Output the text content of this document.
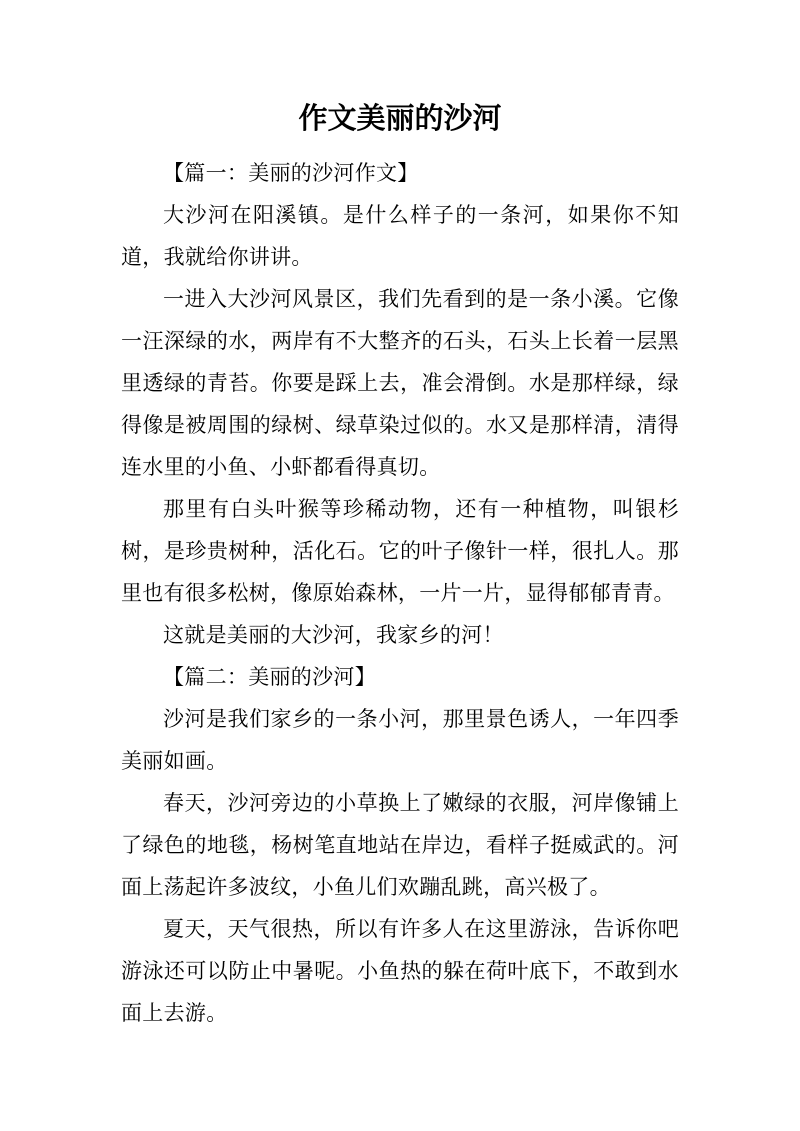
作文美丽的沙河

【篇一：美丽的沙河作文】

大沙河在阳溪镇。是什么样子的一条河，如果你不知道，我就给你讲讲。

一进入大沙河风景区，我们先看到的是一条小溪。它像一汪深绿的水，两岸有不大整齐的石头，石头上长着一层黑里透绿的青苔。你要是踩上去，准会滑倒。水是那样绿，绿得像是被周围的绿树、绿草染过似的。水又是那样清，清得连水里的小鱼、小虾都看得真切。

那里有白头叶猴等珍稀动物，还有一种植物，叫银杉树，是珍贵树种，活化石。它的叶子像针一样，很扎人。那里也有很多松树，像原始森林，一片一片，显得郁郁青青。

这就是美丽的大沙河，我家乡的河！

【篇二：美丽的沙河】

沙河是我们家乡的一条小河，那里景色诱人，一年四季美丽如画。

春天，沙河旁边的小草换上了嫩绿的衣服，河岸像铺上了绿色的地毯，杨树笔直地站在岸边，看样子挺威武的。河面上荡起许多波纹，小鱼儿们欢蹦乱跳，高兴极了。

夏天，天气很热，所以有许多人在这里游泳，告诉你吧游泳还可以防止中暑呢。小鱼热的躲在荷叶底下，不敢到水面上去游。
